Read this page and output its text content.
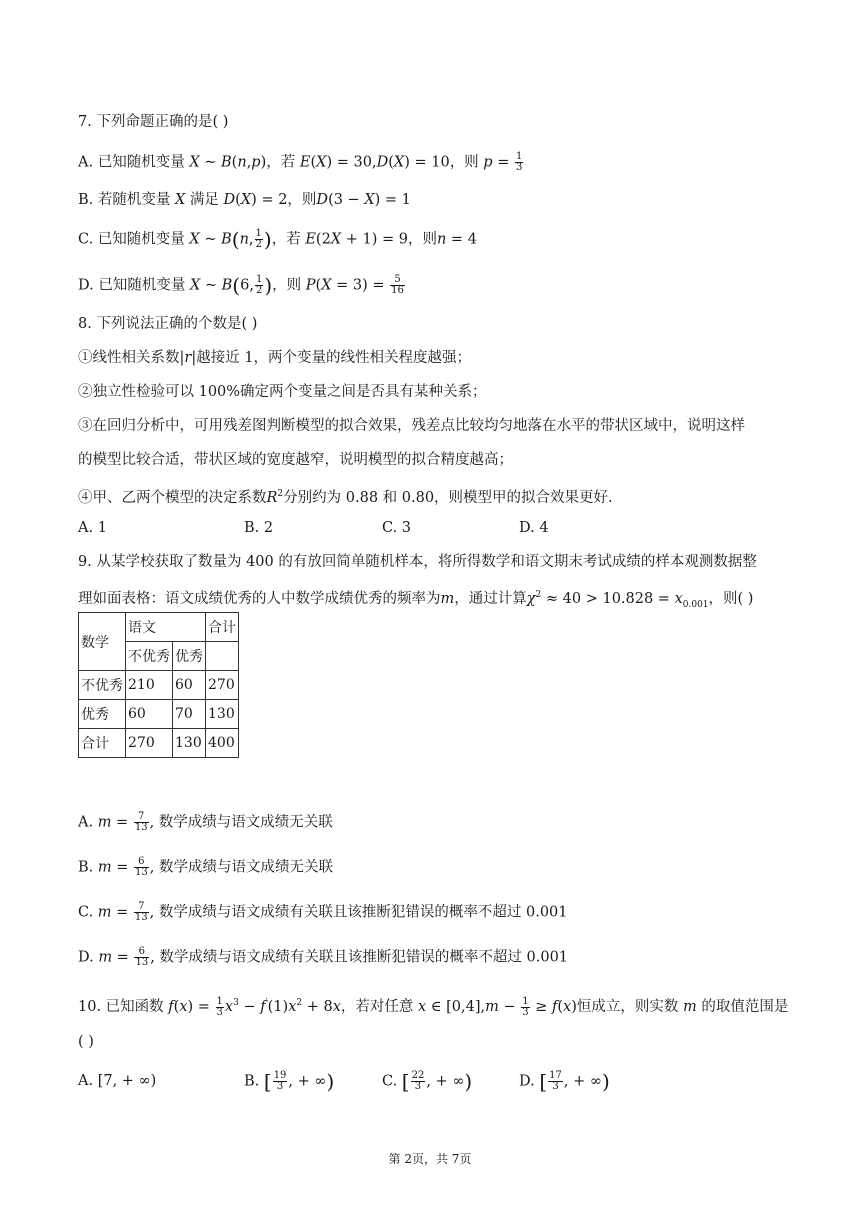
7. 下列命题正确的是( )
A. 已知随机变量 X ~ B(n,p)，若 E(X) = 30,D(X) = 10，则 $p = \frac{1}{3}$
B. 若随机变量 X 满足 D(X) = 2，则D(3 − X) = 1
C. 已知随机变量 X ~ B(n, $\frac{1}{2}$ )，若 E(2X + 1) = 9，则n = 4
D. 已知随机变量 X ~ B(6, $\frac{1}{2}$ )，则 $P(X = 3) = \frac{5}{16}$
8. 下列说法正确的个数是( )
①线性相关系数|r|越接近 1，两个变量的线性相关程度越强；
②独立性检验可以 100%确定两个变量之间是否具有某种关系；
③在回归分析中，可用残差图判断模型的拟合效果，残差点比较均匀地落在水平的带状区域中，说明这样
的模型比较合适，带状区域的宽度越窄，说明模型的拟合精度越高；
④甲、乙两个模型的决定系数$R^2$分别约为 0.88 和 0.80，则模型甲的拟合效果更好.
A. 1	B. 2	C. 3	D. 4
9. 从某学校获取了数量为 400 的有放回简单随机样本，将所得数学和语文期末考试成绩的样本观测数据整
理如面表格：语文成绩优秀的人中数学成绩优秀的频率为m，通过计算$\chi^2 \approx 40 > 10.828 = x_{0.001}$，则( )
数学	语文		合计
	不优秀	优秀	
不优秀	210	60	270
优秀	60	70	130
合计	270	130	400
A. $m = \frac{7}{13}$ , 数学成绩与语文成绩无关联
B. $m = \frac{6}{13}$ , 数学成绩与语文成绩无关联
C. $m = \frac{7}{13}$ , 数学成绩与语文成绩有关联且该推断犯错误的概率不超过 0.001
D. $m = \frac{6}{13}$ , 数学成绩与语文成绩有关联且该推断犯错误的概率不超过 0.001
10. 已知函数 $f(x) = \frac{1}{3} x^3 - f'(1)x^2 + 8x$，若对任意 x ∈ $[0,4],m - \frac{1}{3} \ge f(x)$恒成立，则实数 m 的取值范围是
( )
A. [7, + ∞)	B. [ $\frac{19}{3}$ , + ∞)	C. [ $\frac{22}{3}$ , + ∞)	D. [ $\frac{17}{3}$ , + ∞)
第 2页，共 7页
